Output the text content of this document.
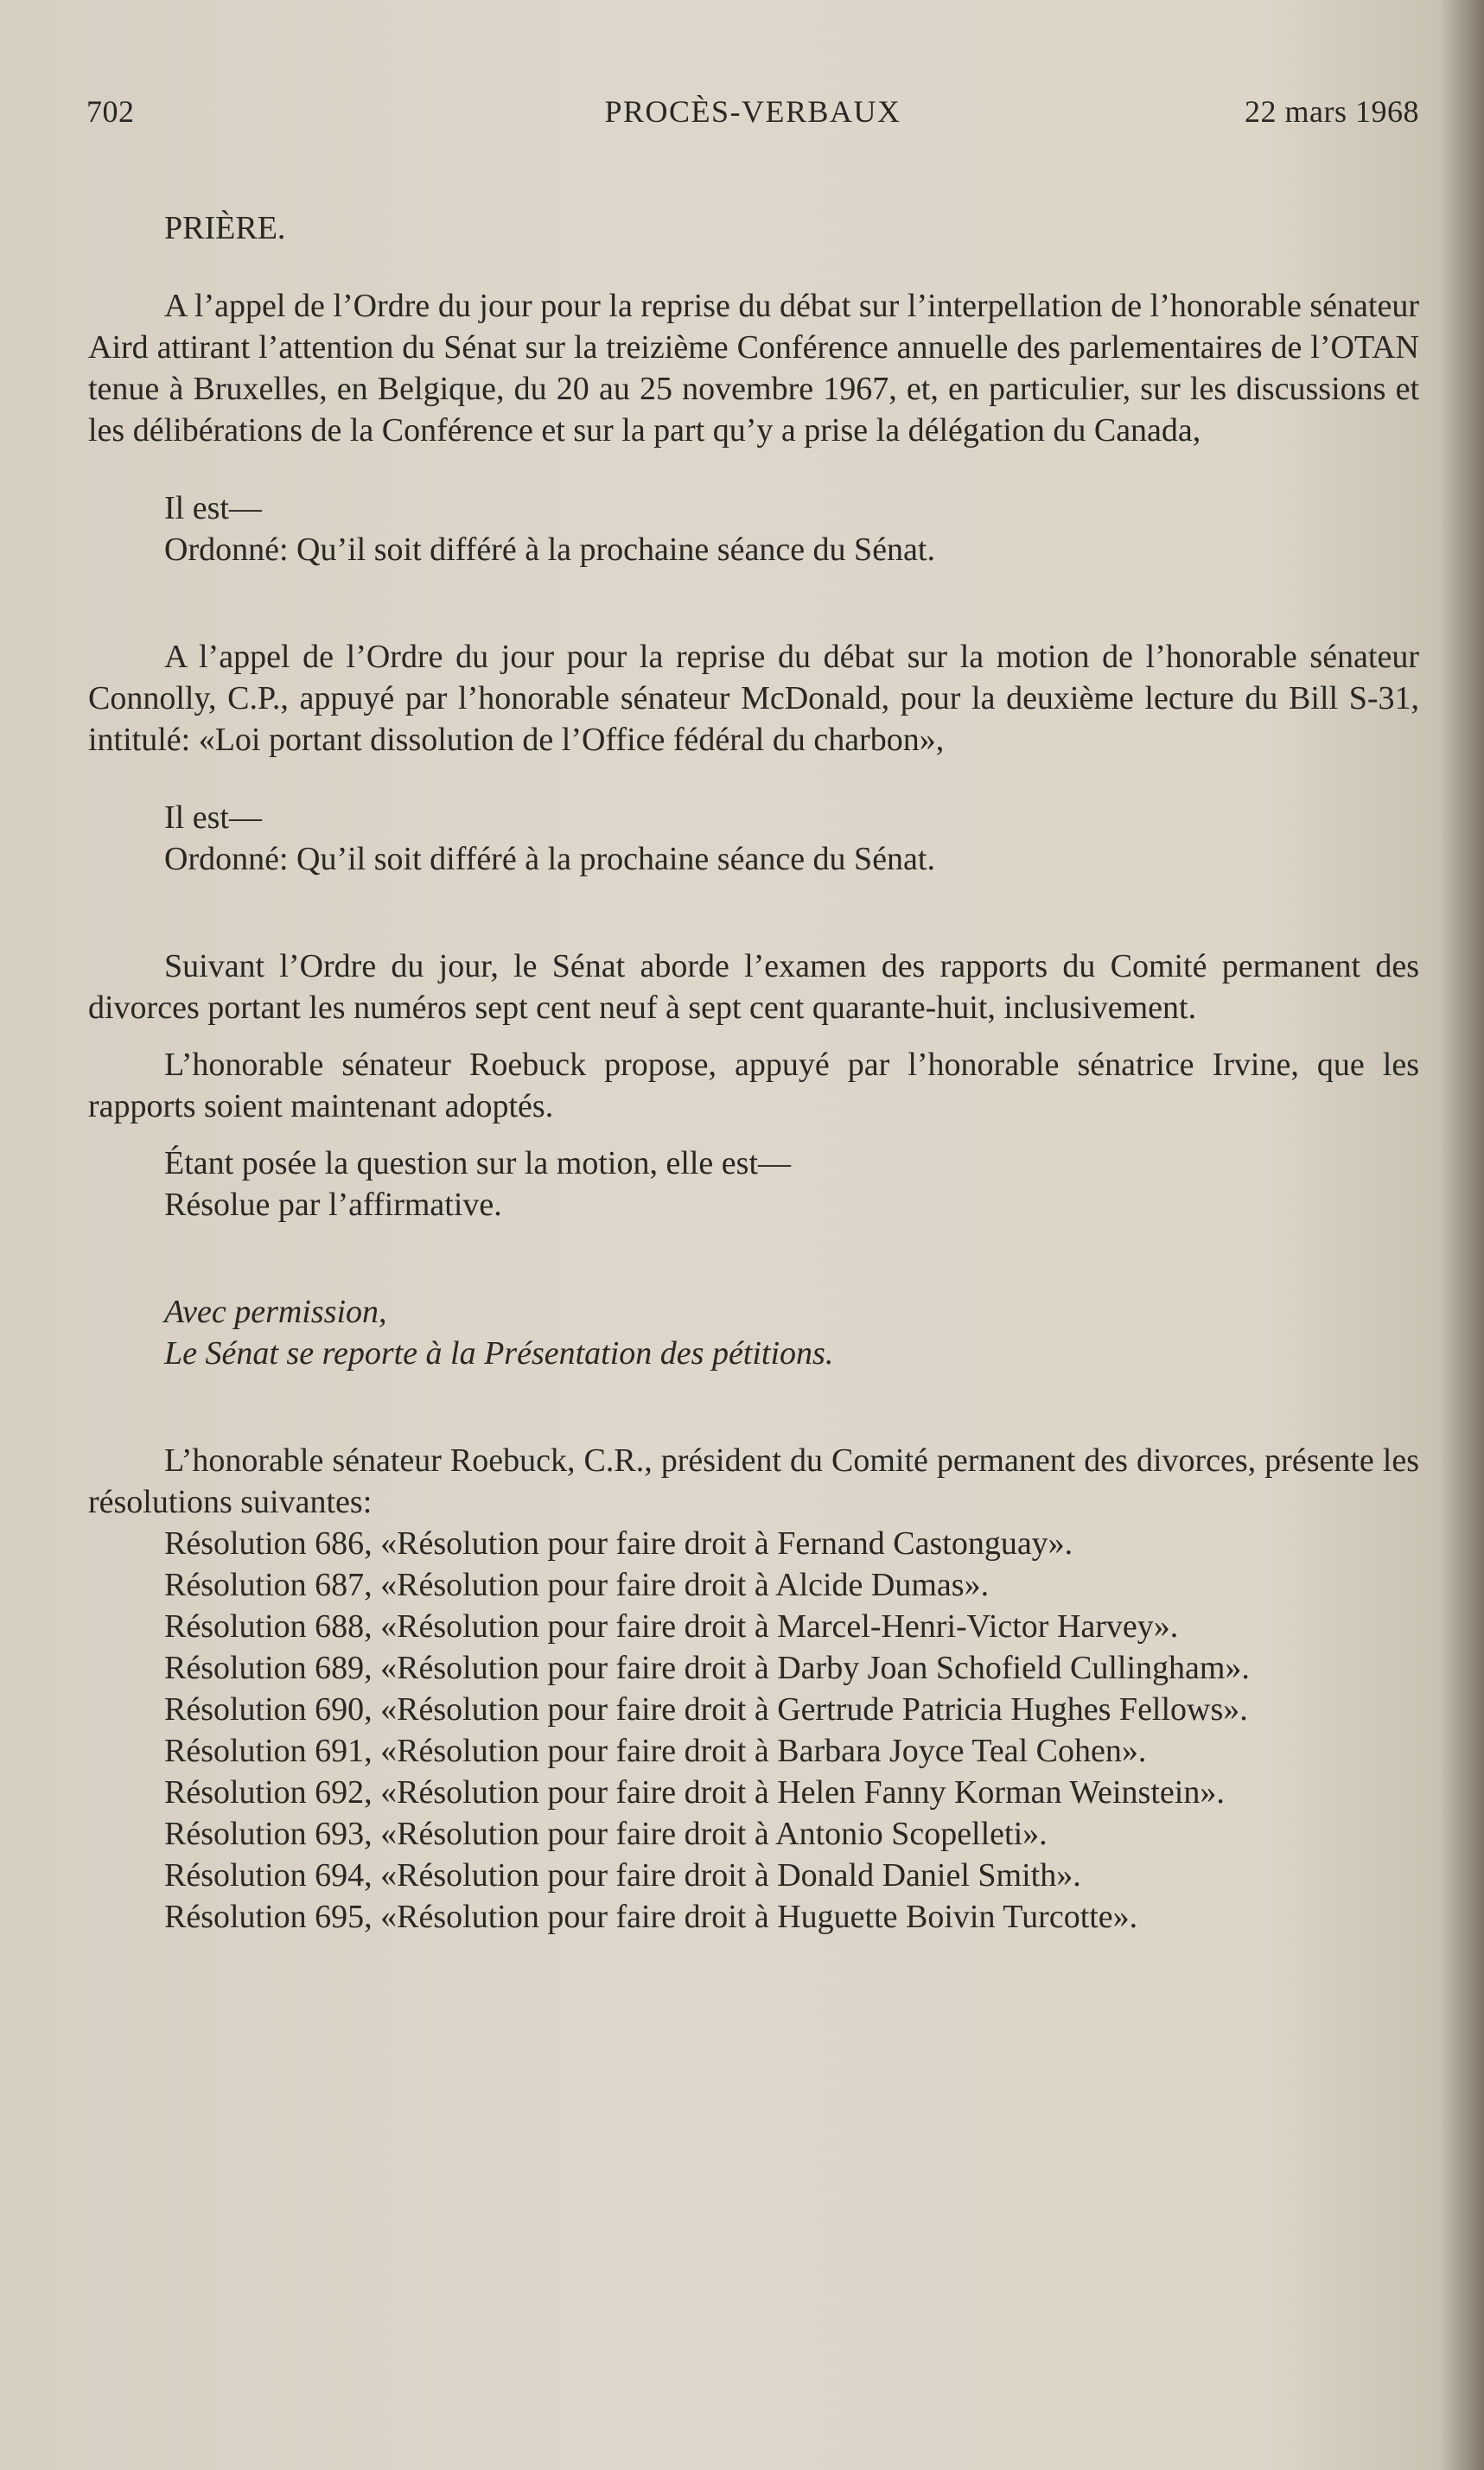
702	PROCÈS-VERBAUX	22 mars 1968

PRIÈRE.

A l’appel de l’Ordre du jour pour la reprise du débat sur l’interpellation de l’honorable sénateur Aird attirant l’attention du Sénat sur la treizième Conférence annuelle des parlementaires de l’OTAN tenue à Bruxelles, en Belgique, du 20 au 25 novembre 1967, et, en particulier, sur les discussions et les délibérations de la Conférence et sur la part qu’y a prise la délégation du Canada,

Il est—

Ordonné: Qu’il soit différé à la prochaine séance du Sénat.

A l’appel de l’Ordre du jour pour la reprise du débat sur la motion de l’honorable sénateur Connolly, C.P., appuyé par l’honorable sénateur McDonald, pour la deuxième lecture du Bill S-31, intitulé: «Loi portant dissolution de l’Office fédéral du charbon»,

Il est—

Ordonné: Qu’il soit différé à la prochaine séance du Sénat.

Suivant l’Ordre du jour, le Sénat aborde l’examen des rapports du Comité permanent des divorces portant les numéros sept cent neuf à sept cent quarante-huit, inclusivement.

L’honorable sénateur Roebuck propose, appuyé par l’honorable sénatrice Irvine, que les rapports soient maintenant adoptés.

Étant posée la question sur la motion, elle est—

Résolue par l’affirmative.

Avec permission,

Le Sénat se reporte à la Présentation des pétitions.

L’honorable sénateur Roebuck, C.R., président du Comité permanent des divorces, présente les résolutions suivantes:

Résolution 686, «Résolution pour faire droit à Fernand Castonguay».

Résolution 687, «Résolution pour faire droit à Alcide Dumas».

Résolution 688, «Résolution pour faire droit à Marcel-Henri-Victor Harvey».

Résolution 689, «Résolution pour faire droit à Darby Joan Schofield Cullingham».

Résolution 690, «Résolution pour faire droit à Gertrude Patricia Hughes Fellows».

Résolution 691, «Résolution pour faire droit à Barbara Joyce Teal Cohen».

Résolution 692, «Résolution pour faire droit à Helen Fanny Korman Weinstein».

Résolution 693, «Résolution pour faire droit à Antonio Scopelleti».

Résolution 694, «Résolution pour faire droit à Donald Daniel Smith».

Résolution 695, «Résolution pour faire droit à Huguette Boivin Turcotte».
